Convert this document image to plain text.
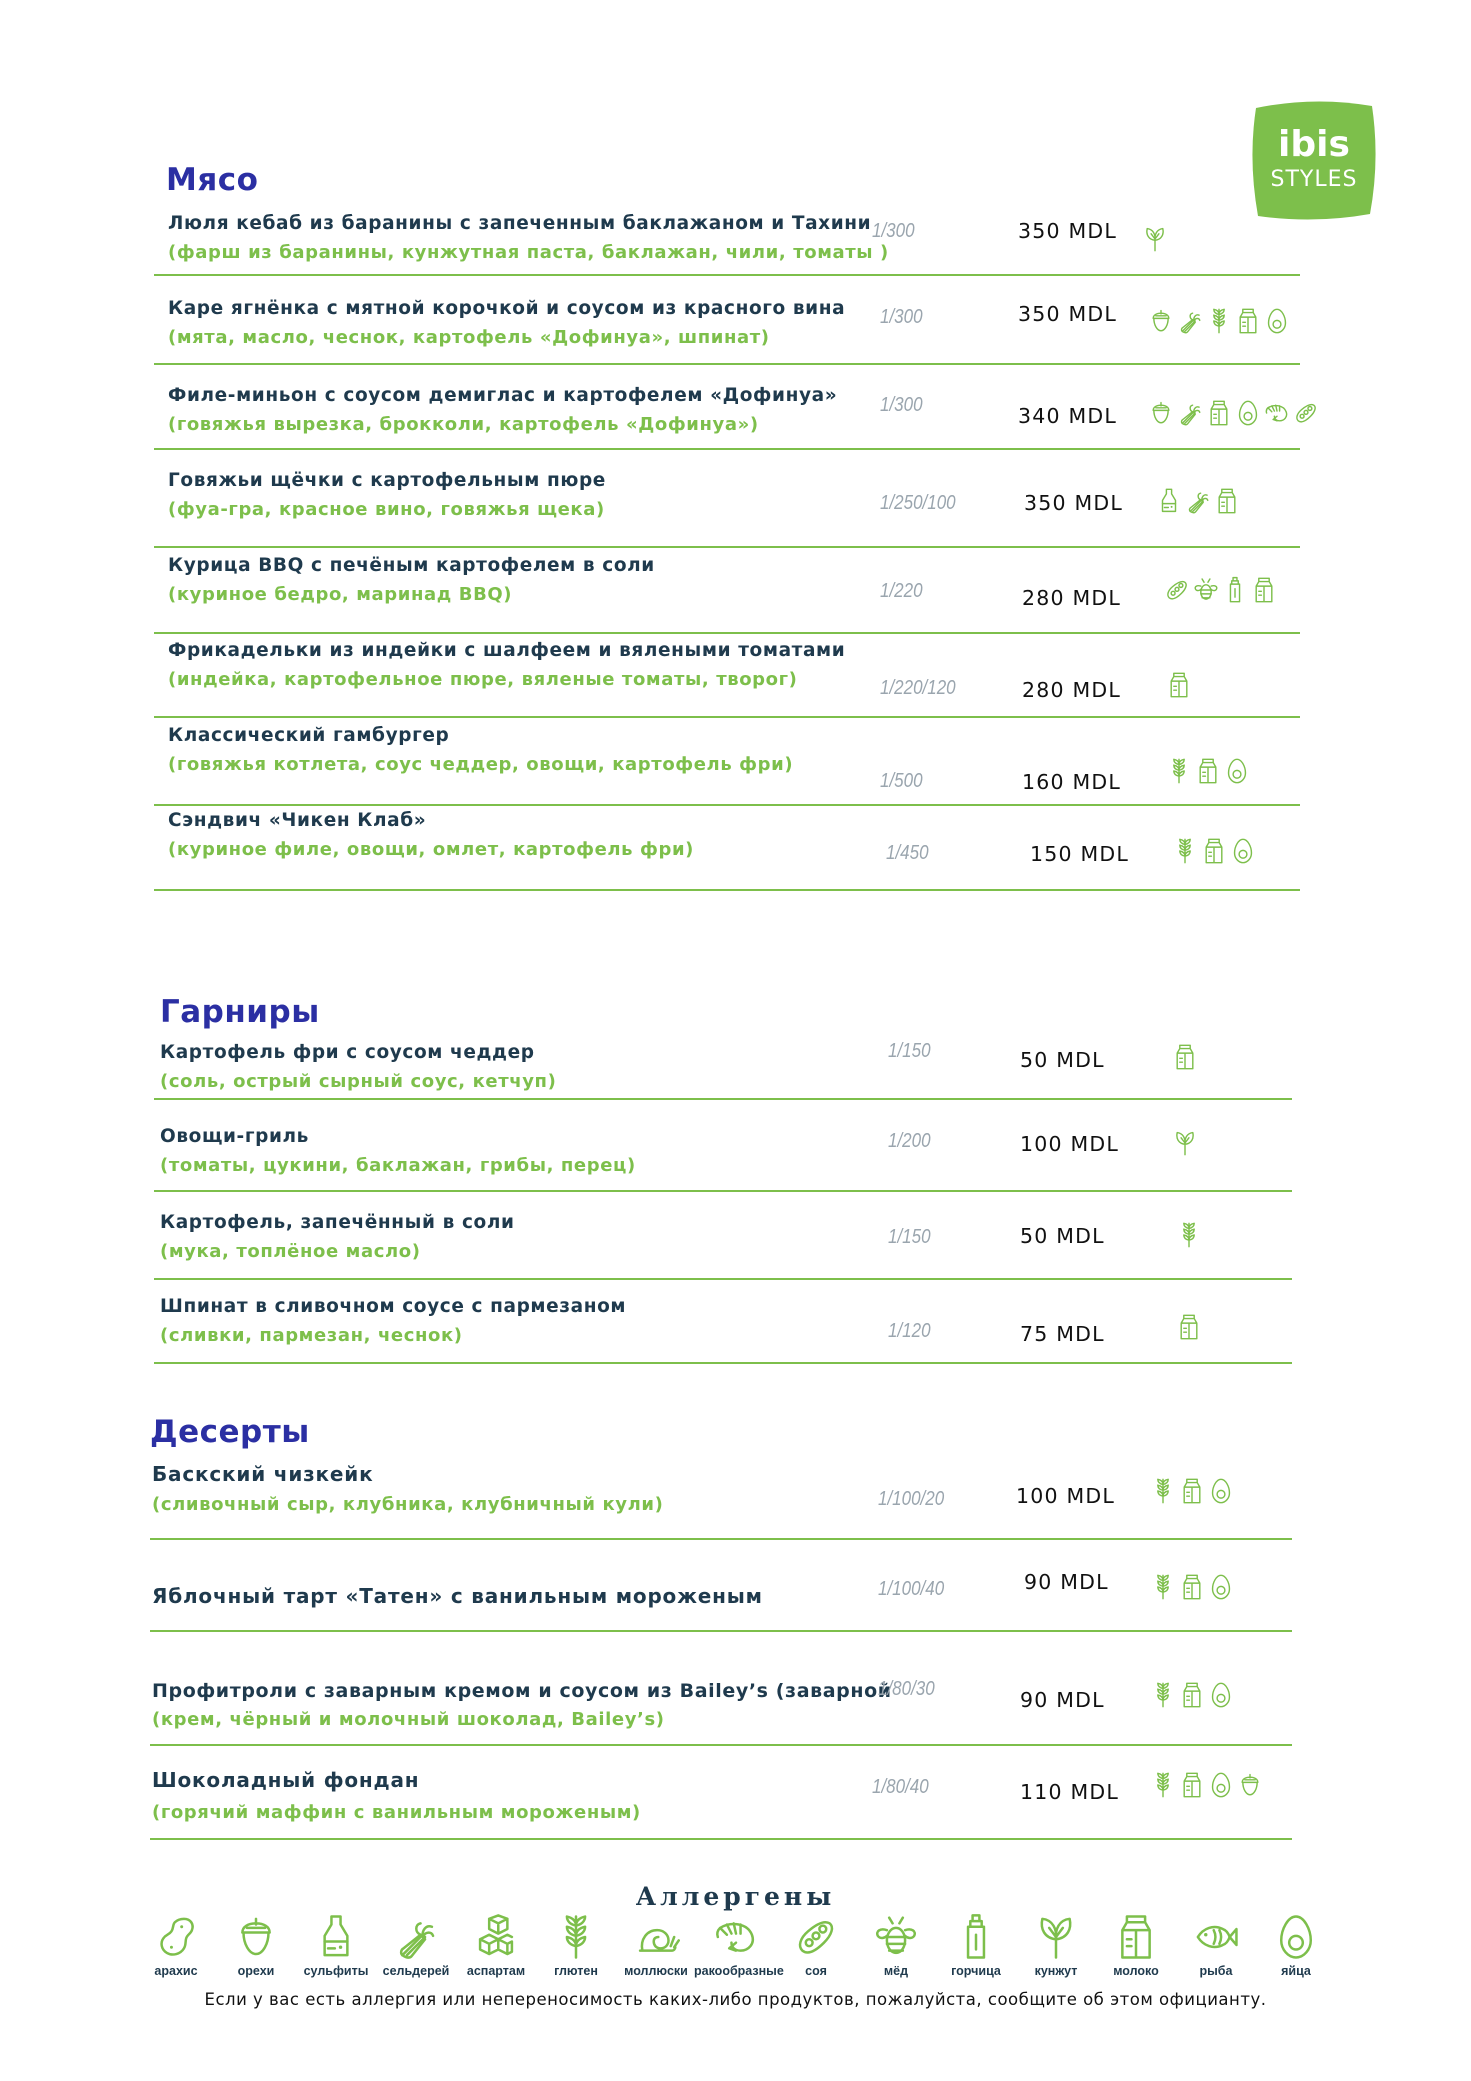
ibis
STYLES
Мясо
Люля кебаб из баранины с запеченным баклажаном и Тахини
(фарш из баранины, кунжутная паста, баклажан, чили, томаты )
1/300	350 MDL
Каре ягнёнка с мятной корочкой и соусом из красного вина
(мята, масло, чеснок, картофель «Дофинуа», шпинат)
1/300	350 MDL
Филе-миньон с соусом демиглас и картофелем «Дофинуа»
(говяжья вырезка, брокколи, картофель «Дофинуа»)
1/300	340 MDL
Говяжьи щёчки с картофельным пюре
(фуа-гра, красное вино, говяжья щека)	1/250/100	350 MDL
Курица BBQ с печёным картофелем в соли
(куриное бедро, маринад BBQ)	1/220	280 MDL
Фрикадельки из индейки с шалфеем и вялеными томатами
(индейка, картофельное пюре, вяленые томаты, творог)	1/220/120	280 MDL
Классический гамбургер
(говяжья котлета, соус чеддер, овощи, картофель фри)
1/500	160 MDL
Сэндвич «Чикен Клаб»
(куриное филе, овощи, омлет, картофель фри)	1/450	150 MDL
Гарниры
Картофель фри с соусом чеддер
(соль, острый сырный соус, кетчуп)
1/150	50 MDL
Овощи-гриль
(томаты, цукини, баклажан, грибы, перец)
1/200	100 MDL
Картофель, запечённый в соли
(мука, топлёное масло)
1/150	50 MDL
Шпинат в сливочном соусе с пармезаном
(сливки, пармезан, чеснок)	1/120	75 MDL
Десерты
Баскский чизкейк
(сливочный сыр, клубника, клубничный кули)	1/100/20	100 MDL
Яблочный тарт «Татен» с ванильным мороженым	1/100/40	90 MDL
Профитроли с заварным кремом и соусом из Bailey’s (заварной
(крем, чёрный и молочный шоколад, Bailey’s)
1/80/30	90 MDL
Шоколадный фондан
(горячий маффин с ванильным мороженым)
1/80/40	110 MDL
Аллергены
арахис	орехи	сульфиты	сельдерей	аспартам	глютен	моллюски ракообразные	соя	мёд	горчица	кунжут	молоко	рыба	яйца
Если у вас есть аллергия или непереносимость каких-либо продуктов, пожалуйста, сообщите об этом официанту.
